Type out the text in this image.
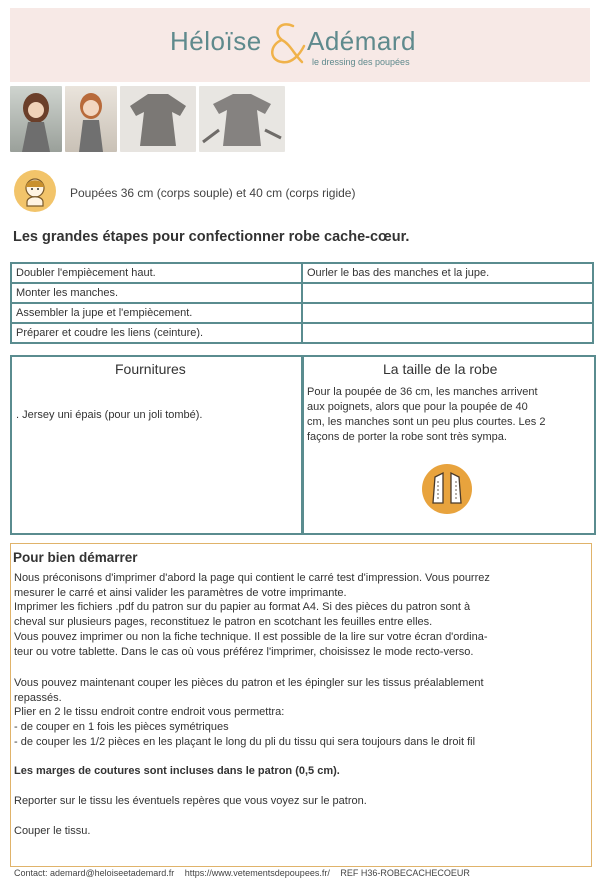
Héloïse Adémard
le dressing des poupées
Poupées 36 cm (corps souple) et 40 cm (corps rigide)
Les grandes étapes pour confectionner robe cache-cœur.
Doubler l'empiècement haut.	Ourler le bas des manches et la jupe.
Monter les manches.	
Assembler la jupe et l'empiècement.	
Préparer et coudre les liens (ceinture).	
Fournitures
. Jersey uni épais (pour un joli tombé).
La taille de la robe
Pour la poupée de 36 cm, les manches arrivent
aux poignets, alors que pour la poupée de 40
cm, les manches sont un peu plus courtes. Les 2
façons de porter la robe sont très sympa.
Pour bien démarrer
Nous préconisons d'imprimer d'abord la page qui contient le carré test d'impression. Vous pourrez
mesurer le carré et ainsi valider les paramètres de votre imprimante.
Imprimer les fichiers .pdf du patron sur du papier au format A4. Si des pièces du patron sont à
cheval sur plusieurs pages, reconstituez le patron en scotchant les feuilles entre elles.
Vous pouvez imprimer ou non la fiche technique. Il est possible de la lire sur votre écran d'ordina-
teur ou votre tablette. Dans le cas où vous préférez l'imprimer, choisissez le mode recto-verso.
Vous pouvez maintenant couper les pièces du patron et les épingler sur les tissus préalablement
repassés.
Plier en 2 le tissu endroit contre endroit vous permettra:
- de couper en 1 fois les pièces symétriques
- de couper les 1/2 pièces en les plaçant le long du pli du tissu qui sera toujours dans le droit fil
Les marges de coutures sont incluses dans le patron (0,5 cm).
Reporter sur le tissu les éventuels repères que vous voyez sur le patron.
Couper le tissu.
Contact: ademard@heloiseetademard.fr https://www.vetementsdepoupees.fr/ REF H36-ROBECACHECOEUR
